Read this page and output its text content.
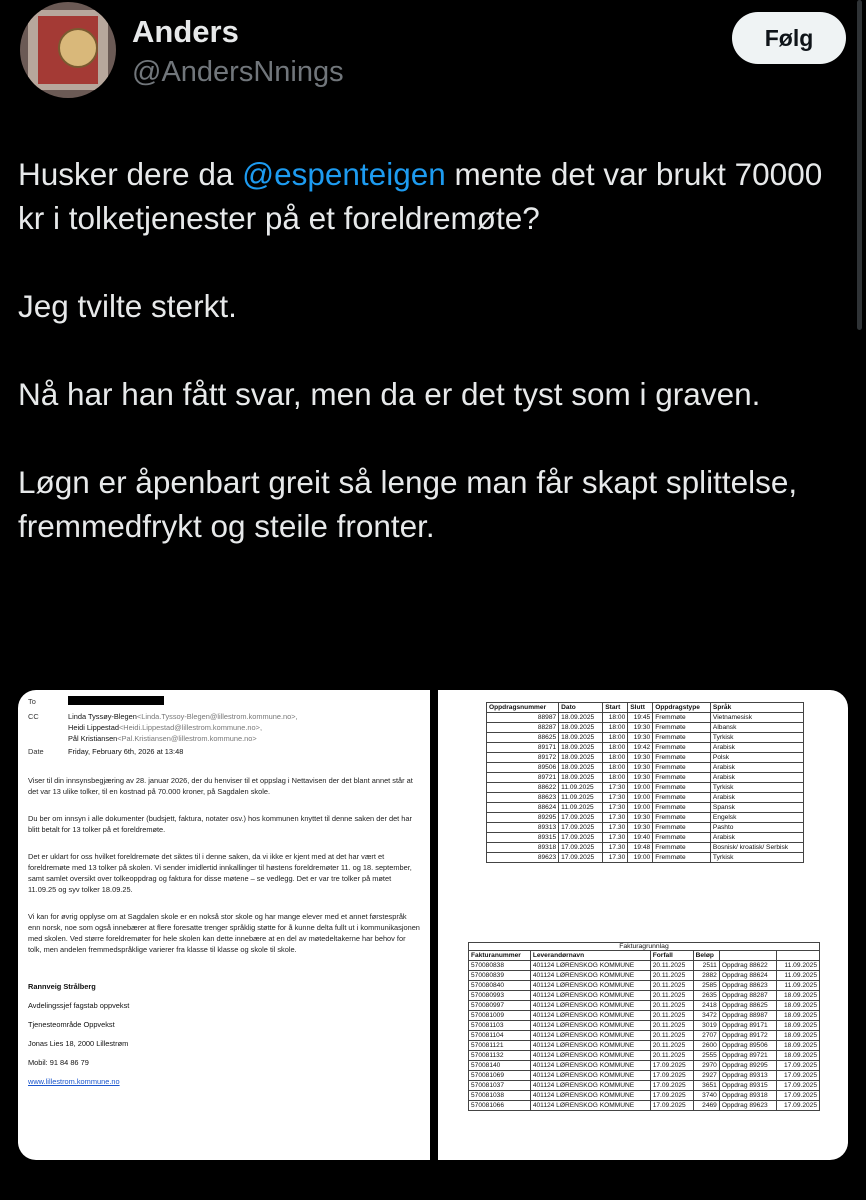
Anders
@AndersNnings
Følg

Husker dere da @espenteigen mente det var brukt 70000 kr i tolketjenester på et foreldremøte?

Jeg tvilte sterkt.

Nå har han fått svar, men da er det tyst som i graven.

Løgn er åpenbart greit så lenge man får skapt splittelse, fremmedfrykt og steile fronter.

To
CC	Linda Tyssøy-Blegen<Linda.Tyssoy-Blegen@lillestrom.kommune.no>,
Heidi Lippestad<Heidi.Lippestad@lillestrom.kommune.no>,
Pål Kristiansen<Pal.Kristiansen@lillestrom.kommune.no>
Date	Friday, February 6th, 2026 at 13:48
Viser til din innsynsbegjæring av 28. januar 2026, der du henviser til et oppslag i Nettavisen der det blant annet står at det var 13 ulike tolker, til en kostnad på 70.000 kroner, på Sagdalen skole.
Du ber om innsyn i alle dokumenter (budsjett, faktura, notater osv.) hos kommunen knyttet til denne saken der det har blitt betalt for 13 tolker på et foreldremøte.
Det er uklart for oss hvilket foreldremøte det siktes til i denne saken, da vi ikke er kjent med at det har vært et foreldremøte med 13 tolker på skolen. Vi sender imidlertid innkallinger til høstens foreldremøter 11. og 18. september, samt samlet oversikt over tolkeoppdrag og faktura for disse møtene – se vedlegg. Det er var tre tolker på møtet 11.09.25 og syv tolker 18.09.25.
Vi kan for øvrig opplyse om at Sagdalen skole er en nokså stor skole og har mange elever med et annet førstespråk enn norsk, noe som også innebærer at flere foresatte trenger språklig støtte for å kunne delta fullt ut i kommunikasjonen med skolen. Ved større foreldremøter for hele skolen kan dette innebære at en del av møtedeltakerne har behov for tolk, men andelen fremmedspråklige varierer fra klasse til klasse og skole til skole.
Rannveig Strålberg
Avdelingssjef fagstab oppvekst
Tjenesteområde Oppvekst
Jonas Lies 18, 2000 Lillestrøm
Mobil: 91 84 86 79
www.lillestrom.kommune.no
Oppdragsnummer	Dato	Start	Slutt	Oppdragstype	Språk
88987	18.09.2025	18:00	19:45	Fremmøte	Vietnamesisk
88287	18.09.2025	18:00	19:30	Fremmøte	Albansk
88625	18.09.2025	18:00	19:30	Fremmøte	Tyrkisk
89171	18.09.2025	18:00	19:42	Fremmøte	Arabisk
89172	18.09.2025	18:00	19:30	Fremmøte	Polsk
89506	18.09.2025	18:00	19:30	Fremmøte	Arabisk
89721	18.09.2025	18:00	19:30	Fremmøte	Arabisk
88622	11.09.2025	17:30	19:00	Fremmøte	Tyrkisk
88623	11.09.2025	17:30	19:00	Fremmøte	Arabisk
88624	11.09.2025	17:30	19:00	Fremmøte	Spansk
89295	17.09.2025	17.30	19:30	Fremmøte	Engelsk
89313	17.09.2025	17.30	19:30	Fremmøte	Pashto
89315	17.09.2025	17.30	19:40	Fremmøte	Arabisk
89318	17.09.2025	17.30	19:48	Fremmøte	Bosnisk/ kroatisk/ Serbisk
89623	17.09.2025	17.30	19:00	Fremmøte	Tyrkisk
Fakturagrunnlag
Fakturanummer	Leverandørnavn	Forfall	Beløp		
570080838	401124 LØRENSKOG KOMMUNE	20.11.2025	2511	Oppdrag 88622	11.09.2025
570080839	401124 LØRENSKOG KOMMUNE	20.11.2025	2882	Oppdrag 88624	11.09.2025
570080840	401124 LØRENSKOG KOMMUNE	20.11.2025	2585	Oppdrag 88623	11.09.2025
570080993	401124 LØRENSKOG KOMMUNE	20.11.2025	2635	Oppdrag 88287	18.09.2025
570080997	401124 LØRENSKOG KOMMUNE	20.11.2025	2418	Oppdrag 88625	18.09.2025
570081009	401124 LØRENSKOG KOMMUNE	20.11.2025	3472	Oppdrag 88987	18.09.2025
570081103	401124 LØRENSKOG KOMMUNE	20.11.2025	3019	Oppdrag 89171	18.09.2025
570081104	401124 LØRENSKOG KOMMUNE	20.11.2025	2707	Oppdrag 89172	18.09.2025
570081121	401124 LØRENSKOG KOMMUNE	20.11.2025	2600	Oppdrag 89506	18.09.2025
570081132	401124 LØRENSKOG KOMMUNE	20.11.2025	2555	Oppdrag 89721	18.09.2025
57008140	401124 LØRENSKOG KOMMUNE	17.09.2025	2970	Oppdrag 89295	17.09.2025
570081069	401124 LØRENSKOG KOMMUNE	17.09.2025	2927	Oppdrag 89313	17.09.2025
570081037	401124 LØRENSKOG KOMMUNE	17.09.2025	3651	Oppdrag 89315	17.09.2025
570081038	401124 LØRENSKOG KOMMUNE	17.09.2025	3740	Oppdrag 89318	17.09.2025
570081066	401124 LØRENSKOG KOMMUNE	17.09.2025	2469	Oppdrag 89623	17.09.2025
